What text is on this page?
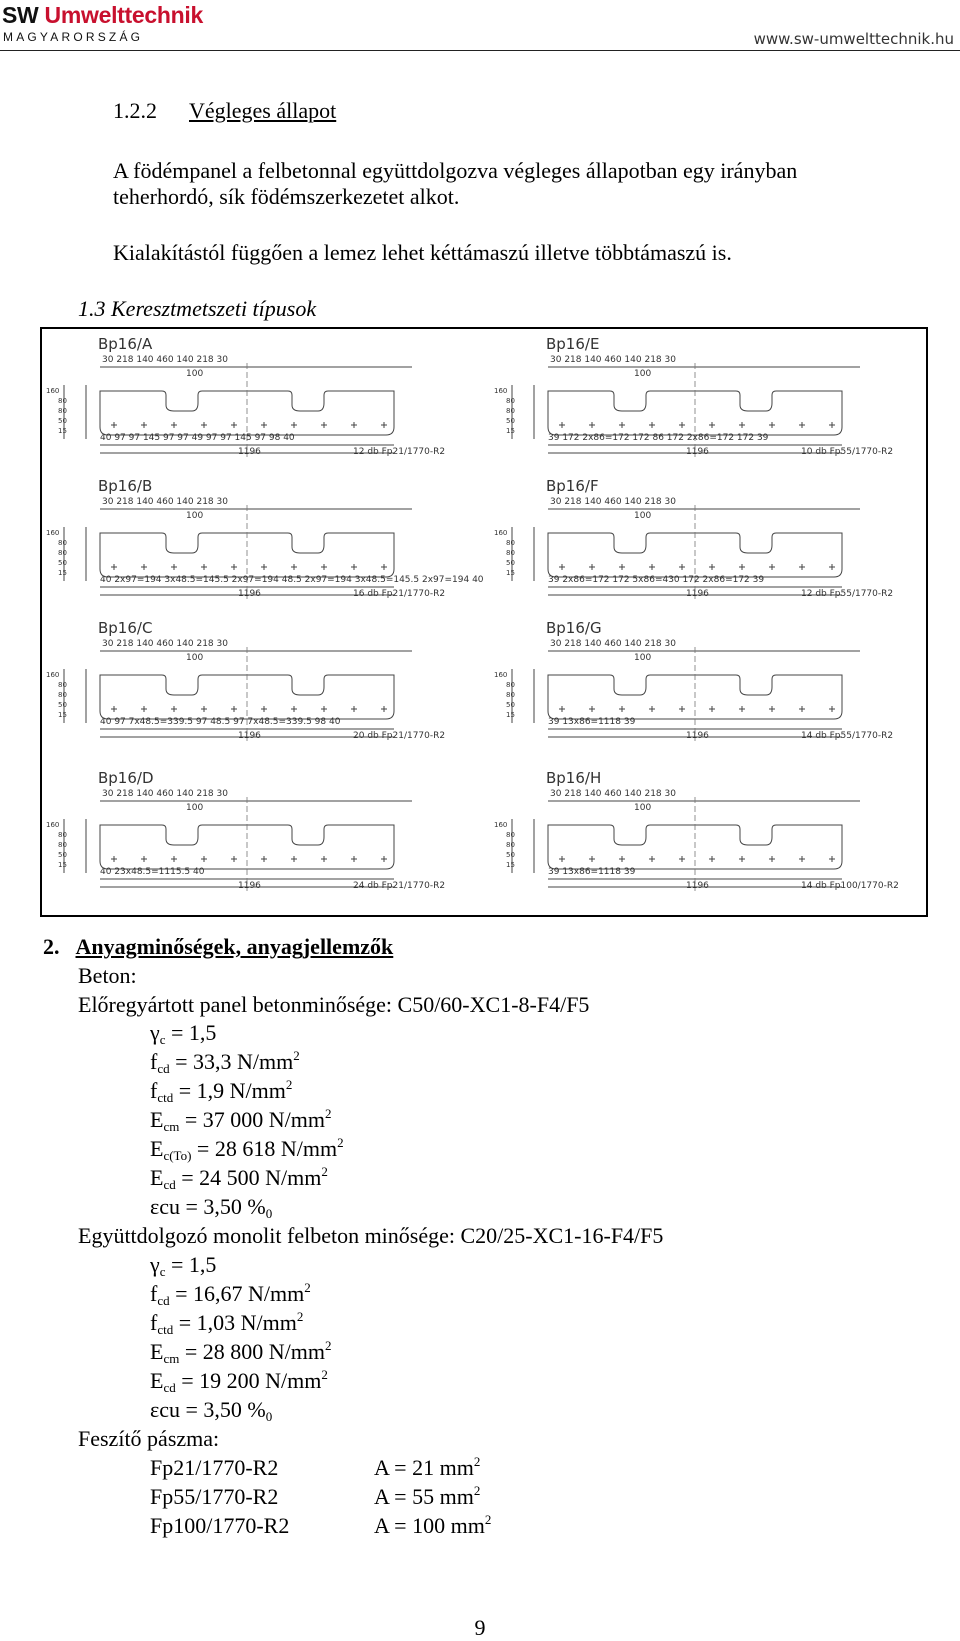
SW Umwelttechnik
MAGYARORSZÁG	www.sw-umwelttechnik.hu
1.2.2 Végleges állapot
A födémpanel a felbetonnal együttdolgozva végleges állapotban egy irányban
teherhordó, sík födémszerkezetet alkot.
Kialakítástól függően a lemez lehet kéttámaszú illetve többtámaszú is.
1.3 Keresztmetszeti típusok
Bp16/A
30 218 140 460 140 218 30
100
40 97 97 145 97 97 49 97 97 145 97 98 40
1196	12 db Fp21/1770-R2
160
80
80
50
15
Bp16/E
30 218 140 460 140 218 30
100
39 172 2x86=172 172 86 172 2x86=172 172 39
1196	10 db Fp55/1770-R2
160
80
80
50
15
Bp16/B
30 218 140 460 140 218 30
100
40 2x97=194 3x48.5=145.5 2x97=194 48.5 2x97=194 3x48.5=145.5 2x97=194 40
1196	16 db Fp21/1770-R2
160
80
80
50
15
Bp16/F
30 218 140 460 140 218 30
100
39 2x86=172 172 5x86=430 172 2x86=172 39
1196	12 db Fp55/1770-R2
160
80
80
50
15
Bp16/C
30 218 140 460 140 218 30
100
40 97 7x48.5=339.5 97 48.5 97 7x48.5=339.5 98 40
1196	20 db Fp21/1770-R2
160
80
80
50
15
Bp16/G
30 218 140 460 140 218 30
100
39 13x86=1118 39
1196	14 db Fp55/1770-R2
160
80
80
50
15
Bp16/D
30 218 140 460 140 218 30
100
40 23x48.5=1115.5 40
1196	24 db Fp21/1770-R2
160
80
80
50
15
Bp16/H
30 218 140 460 140 218 30
100
39 13x86=1118 39
1196	14 db Fp100/1770-R2
160
80
80
50
15
2. Anyagminőségek, anyagjellemzők
Beton:
Előregyártott panel betonminősége: C50/60-XC1-8-F4/F5
$\gamma_c = 1,5$
$f_{cd} = 33,3$ $N/mm^2$
$f_{ctd} = 1,9$ $N/mm^2$
$E_{cm} = 37$ 000 $N/mm^2$
$E_{c(To)} = 28$ 618 $N/mm^2$
$E_{cd} = 24$ 500 $N/mm^2$
εcu = 3,50 $\%_0$
Együttdolgozó monolit felbeton minősége: C20/25-XC1-16-F4/F5
$\gamma_c = 1,5$
$f_{cd} = 16,67$ $N/mm^2$
$f_{ctd} = 1,03$ $N/mm^2$
$E_{cm} = 28$ 800 $N/mm^2$
$E_{cd} = 19$ 200 $N/mm^2$
εcu = 3,50 $\%_0$
Feszítő pászma:
Fp21/1770-R2	A = 21 $mm^2$
Fp55/1770-R2	A = 55 $mm^2$
Fp100/1770-R2	A = 100 $mm^2$
9
